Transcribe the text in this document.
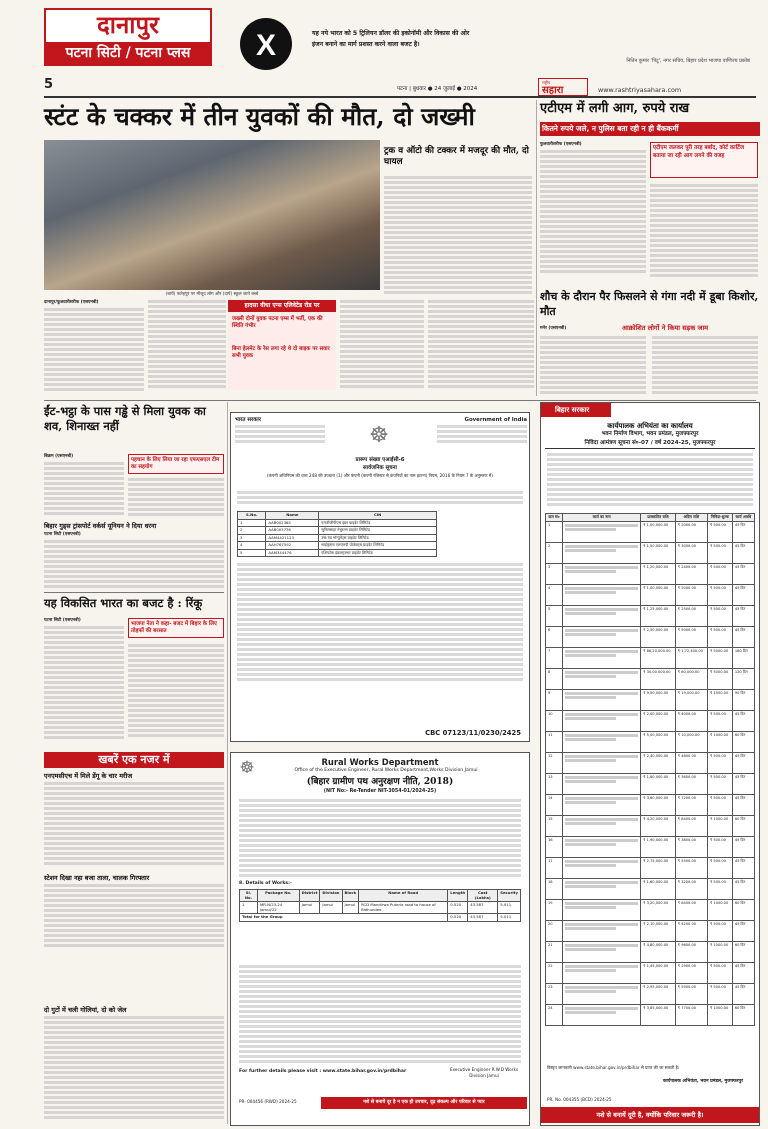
दानापुर
पटना सिटी / पटना प्लस	X	यह नये भारत को 5 ट्रिलियन डॉलर की इकोनॉमी और विकास की ओर
इंजन बनाने का मार्ग प्रशस्त करने वाला बजट है।
नितिन कुमार 'पिंटू', नगर सचिव, बिहार प्रदेश भाजपा वाणिज्य प्रकोष्ठ
5	पटना | बुधवार ● 24 जुलाई ● 2024
राष्ट्रीय
सहारा	www.rashtriyasahara.com
स्टंट के चक्कर में तीन युवकों की मौत, दो जख्मी
(बायें) फतेहपुर पर मौजूद लोग और (दायें) स्कूल जाते बच्चे
ट्रक व ऑटो की टक्कर में मजदूर की मौत, दो घायल
एटीएम में लगी आग, रुपये राख
कितने रुपये जले, न पुलिस बता रही न ही बैंककर्मी
एटीएम जलकर पूरी तरह बर्बाद, कोर्ट कार्टिज बताया जा रही आग लगने की वजह
फुलवारीशरीफ (एसएनबी)
शौच के दौरान पैर फिसलने से गंगा नदी में डूबा किशोर, मौत
आक्रोशित लोगों ने किया सड़क जाम
मनेर (एसएनबी)
दानापुर/फुलवारीशरीफ (एसएनबी)	हादसा वीधा एन्स एलिवेटेड रोड पर
जख्मी दोनों युवक पटना एम्स में भर्ती, एक की स्थिति गंभीर
बिना हेलमेट के रेस लगा रहे थे दो बाइक पर सवार सभी युवक
ईंट-भट्ठा के पास गड्ढे से मिला युवक का शव, शिनाख्त नहीं
बिक्रम (एसएनबी)
पहचान के लिए लिया जा रहा एफएसएल टीम का सहयोग
बिहार गुड्स ट्रांसपोर्ट वर्कर्स यूनियन ने दिया धरना
पटना सिटी (एसएनबी)
यह विकसित भारत का बजट है : रिंकू
पटना सिटी (एसएनबी)
भाजपा नेता ने कहा- बजट में बिहार के लिए तोहफों की बरसात
खबरें एक नजर में
एनएमसीएच में मिले डेंगू के चार मरीज
स्टेशन दिखा नहा बजा ताला, चालक गिरफ्तार
दो गुटों में चली गोलियां, दो को जेल
भारत सरकार
☸
Government of India
प्रारूप संख्या एआईसी-6
सार्वजनिक सूचना
(कंपनी अधिनियम की धारा 248 की उपधारा (1) और कंपनी (कंपनी रजिस्टर से कंपनियों का नाम हटाना) नियम, 2016 के नियम 7 के अनुसरण में)
S.No.	Name	CIN
1	AAB002385	एमजीजीपीएस इंफ्रा प्राइवेट लिमिटेड
2	AAB003776	सुनिलसाहा नेचुरल्स प्राइवेट लिमिटेड
3	AAM4421123	उषा एंड मॉन्यूमेंट्स प्राइवेट लिमिटेड
4	AAH767592	साईकृष्णा एलएलपी प्रोजेक्ट्स प्राइवेट लिमिटेड
5	AAM344476	एशियटेक इंफ्रास्ट्रक्चर प्राइवेट लिमिटेड
CBC 07123/11/0230/2425
☸	Rural Works Department
Office of the Executive Engineer, Rural Works Department,Works Division Jamui
(बिहार ग्रामीण पथ अनुरक्षण नीति, 2018)
(NIT No:- Re-Tender NIT-3054-01/2024-25)
8. Details of Works:-
Sl. No.	Package No.	District	Division	Block	Name of Road	Length	Cost (Lakhs)	Security
1	MR-N/23-24 Jamui/22	Jamui	Jamui	Jamui	RCD Mandirwa Puteria road to house of Bidhundeo	0.520	43.587	5.011
Total for the Group						0.520	43.587	5.011
For further details please visit : www.state.bihar.gov.in/prdbihar	Executive Engineer R.W.D Works Division Jamui
PR- 004456 (RWD) 2024-25	नशे से बनायें दूर है न एक ही उपचार, दृढ़ संकल्प और परिवार से प्यार
बिहार सरकार
कार्यपालक अभियंता का कार्यालय
भवन निर्माण विभाग, भवन प्रमंडल, मुजफ्फरपुर
निविदा आमंत्रण सूचना सं०-07 / वर्ष 2024-25, मुजफ्फरपुर
क्रम सं०	कार्य का नाम	प्राक्कलित राशि	अग्रिम राशि	निविदा-शुल्क	कार्य अवधि
1		₹ 1,00,000.00	₹ 2000.00	₹ 500.00	45 दिन
2		₹ 1,50,000.00	₹ 3000.00	₹ 500.00	45 दिन
3		₹ 1,20,000.00	₹ 2400.00	₹ 500.00	45 दिन
4		₹ 1,00,000.00	₹ 2000.00	₹ 500.00	45 दिन
5		₹ 1,25,000.00	₹ 2500.00	₹ 500.00	45 दिन
6		₹ 2,50,000.00	₹ 5000.00	₹ 500.00	45 दिन
7		₹ 86,20,000.00	₹ 1,72,400.00	₹ 5000.00	180 दिन
8		₹ 30,00,000.00	₹ 60,000.00	₹ 5000.00	120 दिन
9		₹ 9,50,000.00	₹ 19,000.00	₹ 1500.00	90 दिन
10		₹ 2,00,000.00	₹ 4000.00	₹ 500.00	45 दिन
11		₹ 5,00,000.00	₹ 10,000.00	₹ 1000.00	60 दिन
12		₹ 2,40,000.00	₹ 4800.00	₹ 500.00	45 दिन
13		₹ 1,80,000.00	₹ 3600.00	₹ 500.00	45 दिन
14		₹ 3,60,000.00	₹ 7200.00	₹ 500.00	45 दिन
15		₹ 4,20,000.00	₹ 8400.00	₹ 1000.00	60 दिन
16		₹ 1,90,000.00	₹ 3800.00	₹ 500.00	45 दिन
17		₹ 2,75,000.00	₹ 5500.00	₹ 500.00	45 दिन
18		₹ 1,60,000.00	₹ 3200.00	₹ 500.00	45 दिन
19		₹ 3,20,000.00	₹ 6400.00	₹ 1000.00	60 दिन
20		₹ 2,10,000.00	₹ 4200.00	₹ 500.00	45 दिन
21		₹ 4,80,000.00	₹ 9600.00	₹ 1000.00	60 दिन
22		₹ 1,45,000.00	₹ 2900.00	₹ 500.00	45 दिन
23		₹ 2,95,000.00	₹ 5900.00	₹ 500.00	45 दिन
24		₹ 3,85,000.00	₹ 7700.00	₹ 1000.00	60 दिन
विस्तृत जानकारी www.state.bihar.gov.in/prdbihar से प्राप्त की जा सकती है।
कार्यपालक अभियंता, भवन प्रमंडल, मुजफ्फरपुर
PR. No. 004355 (BCD) 2024-25
नशे से बनायें दूरी है, क्योंकि परिवार जरूरी है।
